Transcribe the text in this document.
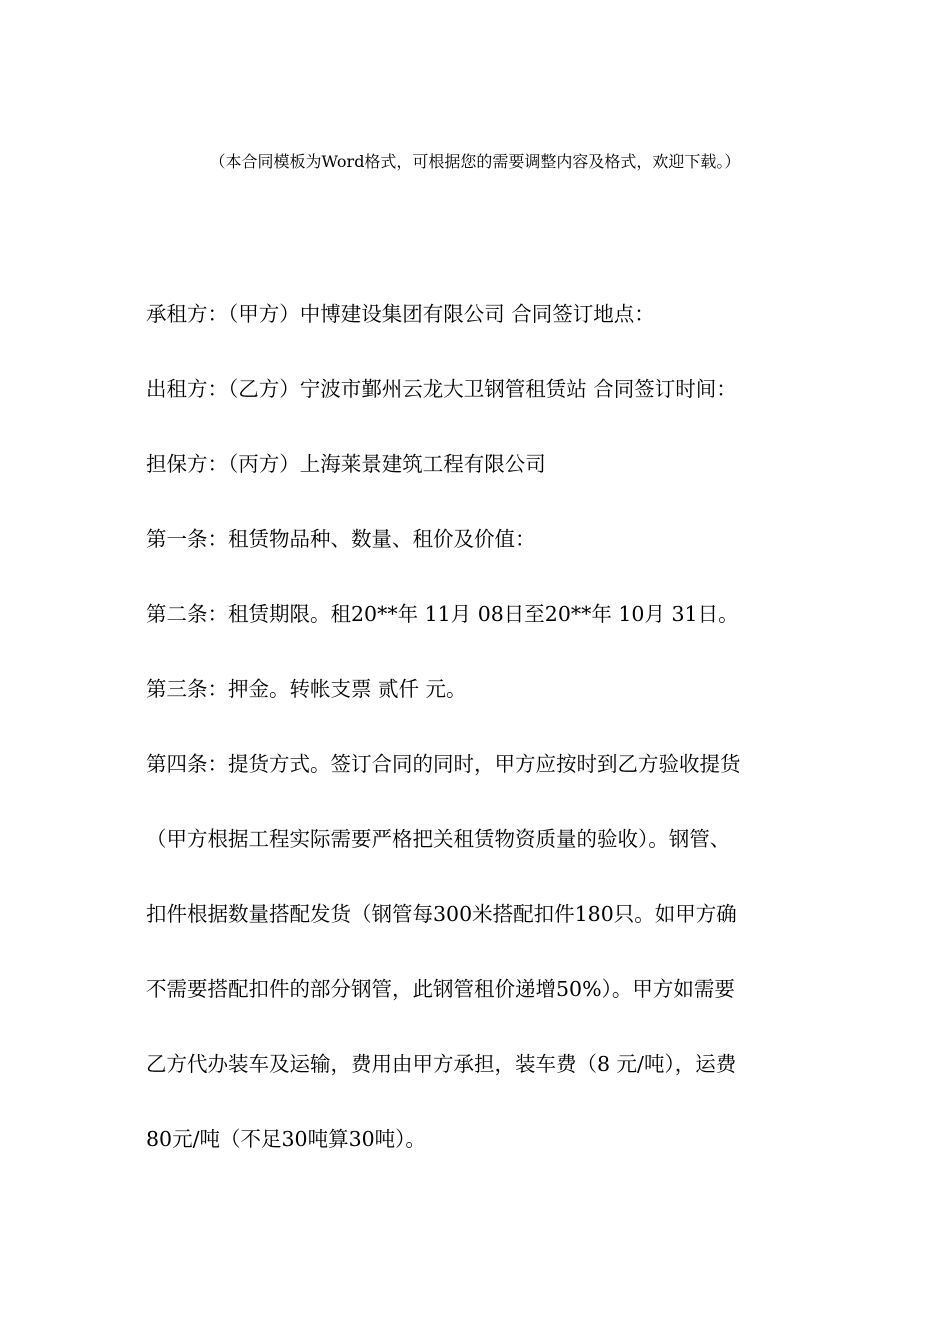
（本合同模板为Word格式，可根据您的需要调整内容及格式，欢迎下载。）
承租方：（甲方）中博建设集团有限公司 合同签订地点：
出租方：（乙方）宁波市鄞州云龙大卫钢管租赁站 合同签订时间：
担保方：（丙方）上海莱景建筑工程有限公司
第一条：租赁物品种、数量、租价及价值：
第二条：租赁期限。租20**年 11月 08日至20**年 10月 31日。
第三条：押金。转帐支票 贰仟 元。
第四条：提货方式。签订合同的同时，甲方应按时到乙方验收提货
（甲方根据工程实际需要严格把关租赁物资质量的验收）。钢管、
扣件根据数量搭配发货（钢管每300米搭配扣件180只。如甲方确
不需要搭配扣件的部分钢管，此钢管租价递增50%）。甲方如需要
乙方代办装车及运输，费用由甲方承担，装车费（8 元/吨），运费
80元/吨（不足30吨算30吨）。
